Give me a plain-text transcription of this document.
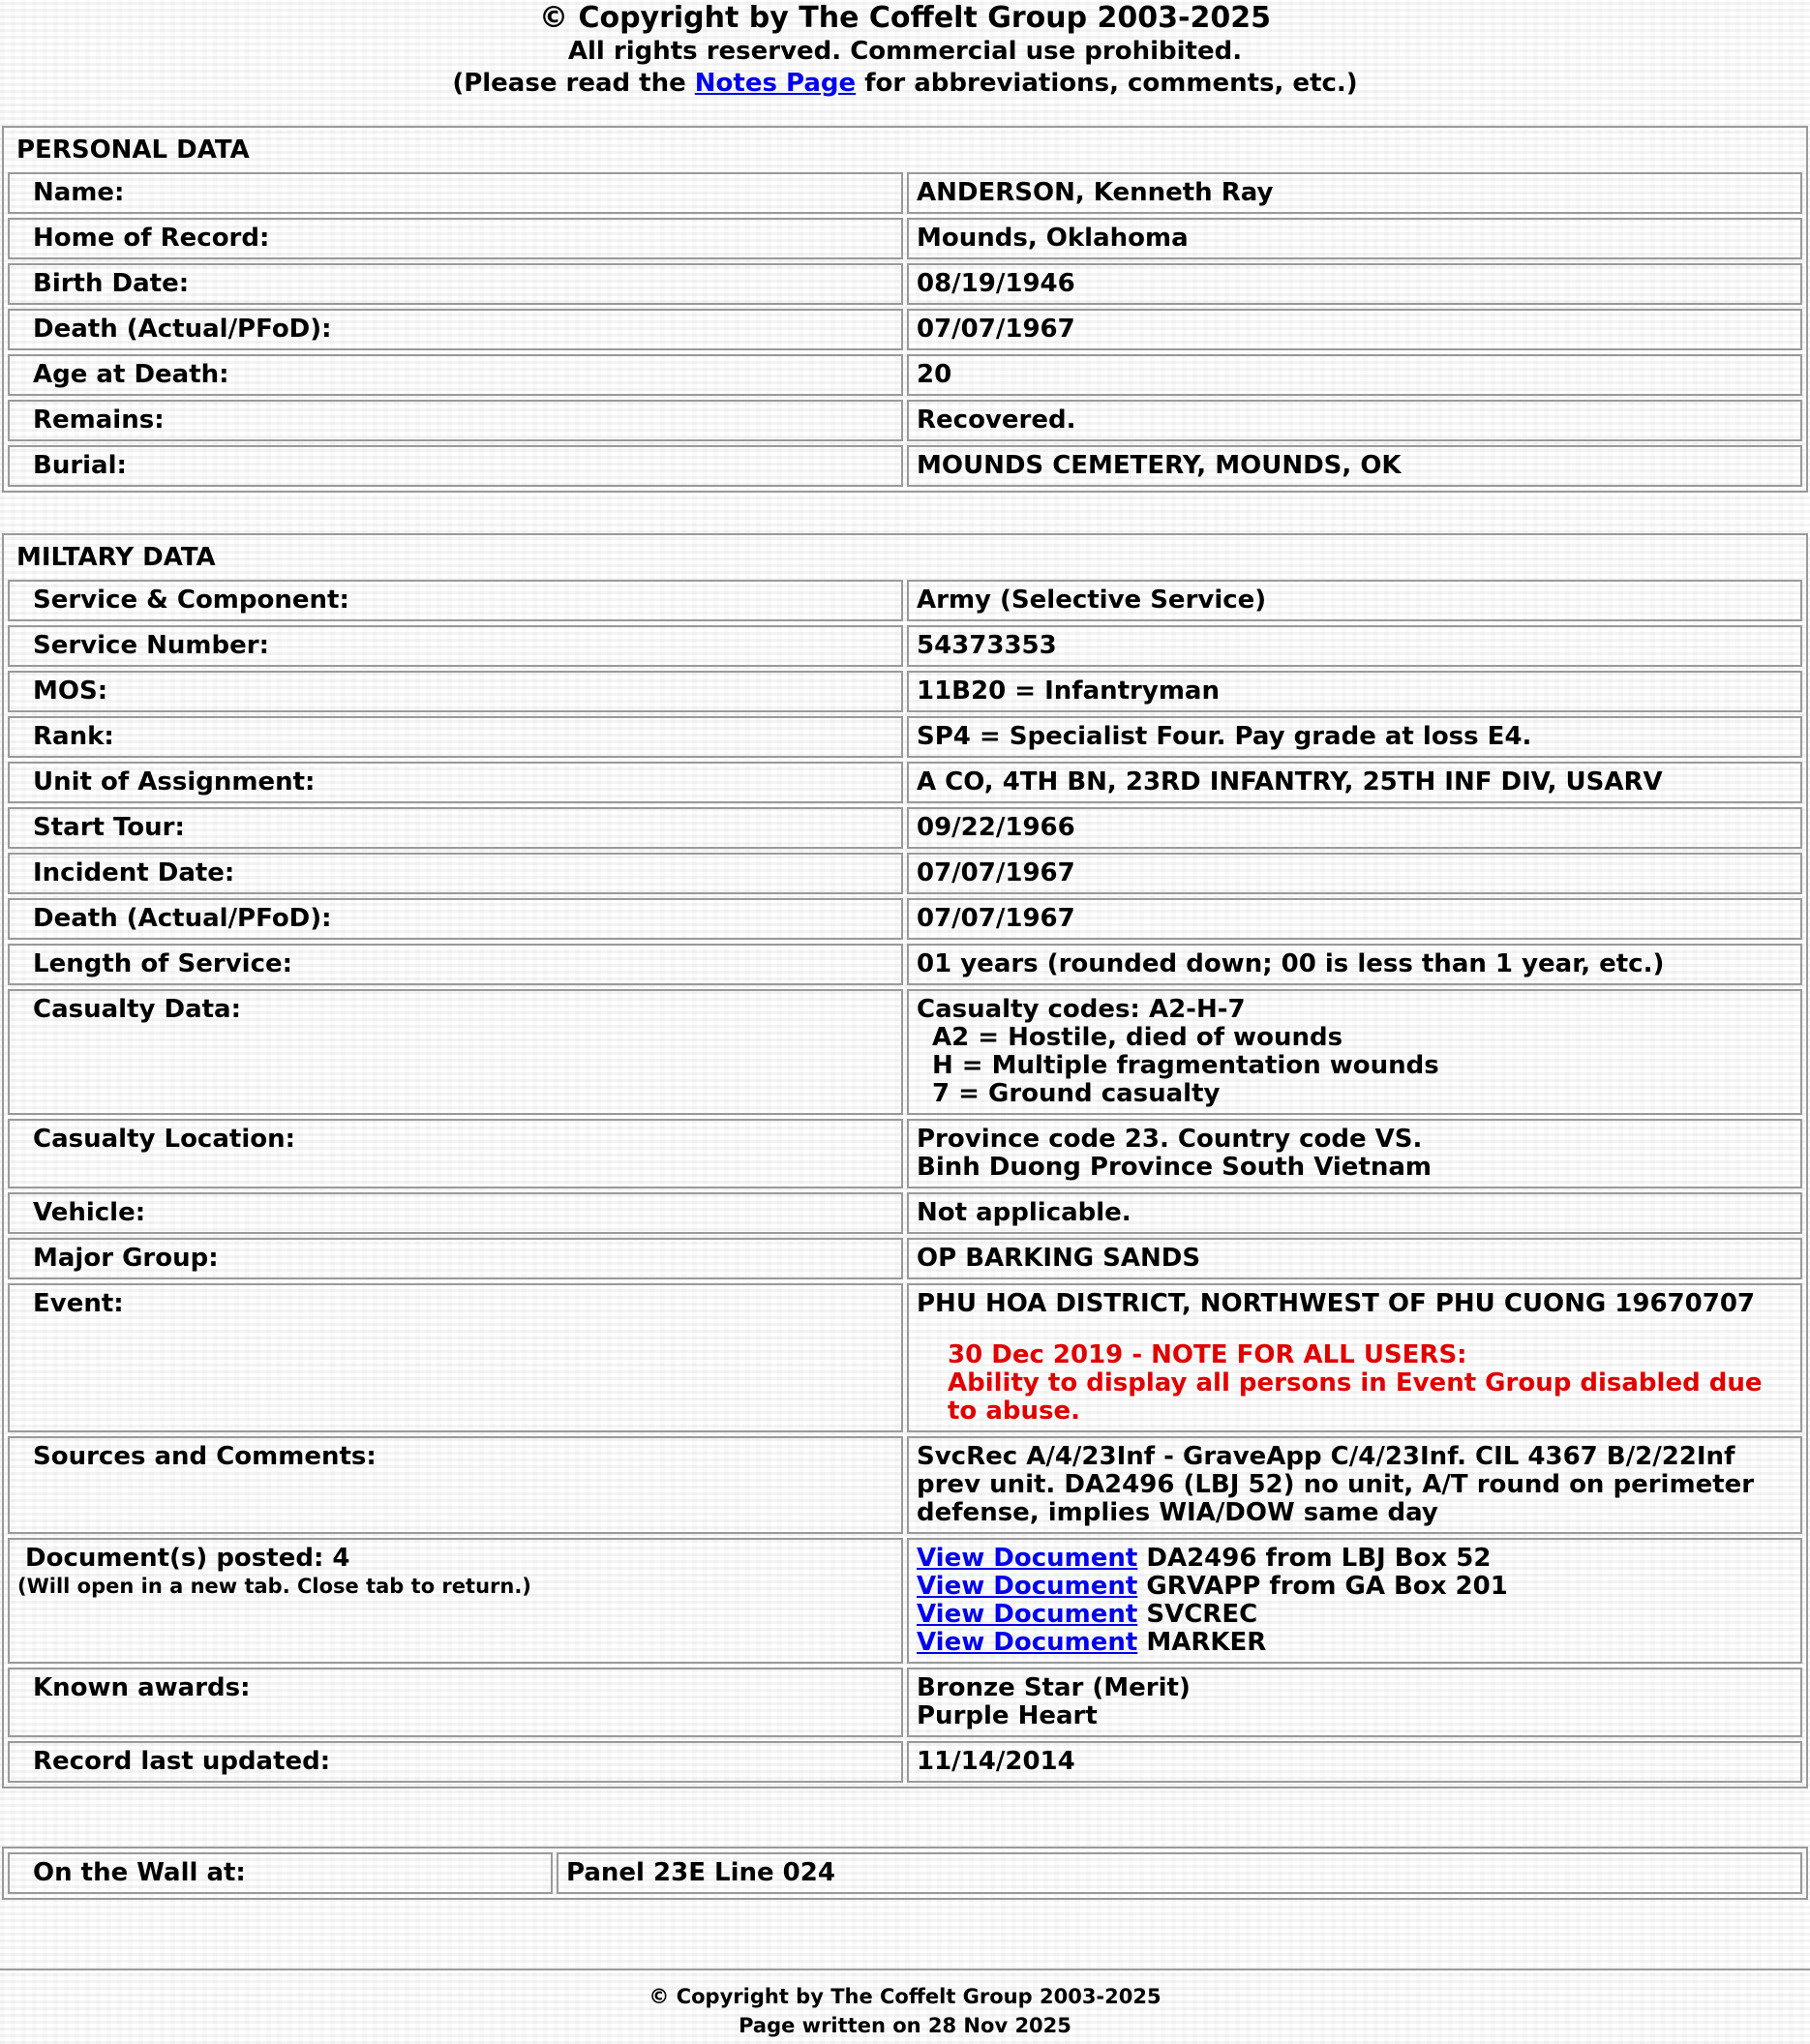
© Copyright by The Coffelt Group 2003-2025
All rights reserved. Commercial use prohibited.
(Please read the Notes Page for abbreviations, comments, etc.)
PERSONAL DATA	
Name:	ANDERSON, Kenneth Ray
Home of Record:	Mounds, Oklahoma
Birth Date:	08/19/1946
Death (Actual/PFoD):	07/07/1967
Age at Death:	20
Remains:	Recovered.
Burial:	MOUNDS CEMETERY, MOUNDS, OK
MILTARY DATA	
Service & Component:	Army (Selective Service)
Service Number:	54373353
MOS:	11B20 = Infantryman
Rank:	SP4 = Specialist Four. Pay grade at loss E4.
Unit of Assignment:	A CO, 4TH BN, 23RD INFANTRY, 25TH INF DIV, USARV
Start Tour:	09/22/1966
Incident Date:	07/07/1967
Death (Actual/PFoD):	07/07/1967
Length of Service:	01 years (rounded down; 00 is less than 1 year, etc.)
Casualty Data:	Casualty codes: A2-H-7
A2 = Hostile, died of wounds
H = Multiple fragmentation wounds
7 = Ground casualty

Casualty Location:	Province code 23. Country code VS.
Binh Duong Province South Vietnam

Vehicle:	Not applicable.
Major Group:	OP BARKING SANDS
Event:	PHU HOA DISTRICT, NORTHWEST OF PHU CUONG 19670707
30 Dec 2019 - NOTE FOR ALL USERS:
Ability to display all persons in Event Group disabled due to abuse.

Sources and Comments:	SvcRec A/4/23Inf - GraveApp C/4/23Inf. CIL 4367 B/2/22Inf prev unit. DA2496 (LBJ 52) no unit, A/T round on perimeter defense, implies WIA/DOW same day

Document(s) posted: 4
(Will open in a new tab. Close tab to return.)	View Document DA2496 from LBJ Box 52
View Document GRVAPP from GA Box 201
View Document SVCREC
View Document MARKER

Known awards:	Bronze Star (Merit)
Purple Heart

Record last updated:	11/14/2014
On the Wall at:	Panel 23E Line 024
© Copyright by The Coffelt Group 2003-2025
Page written on 28 Nov 2025
